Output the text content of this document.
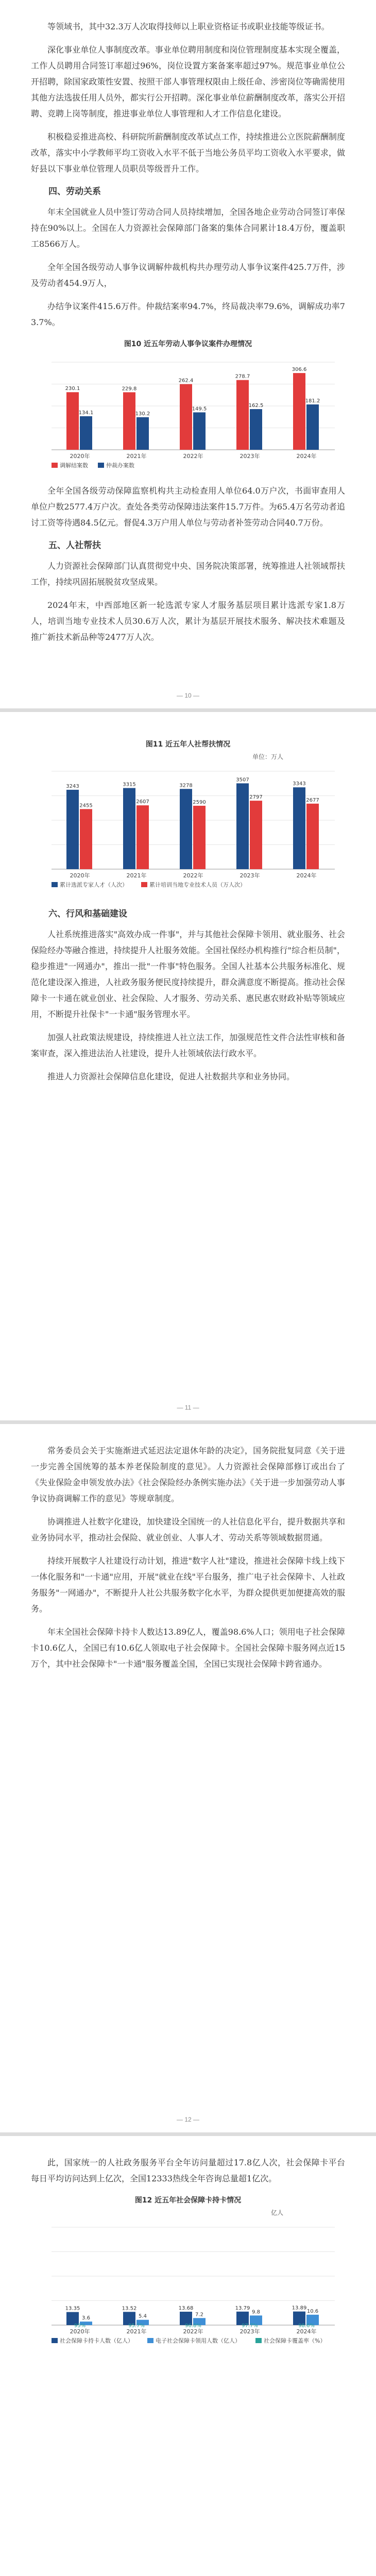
等领域书，其中32.3万人次取得技师以上职业资格证书或职业技能等级证书。

深化事业单位人事制度改革。事业单位聘用制度和岗位管理制度基本实现全覆盖，工作人员聘用合同签订率超过96%，岗位设置方案备案率超过97%。规范事业单位公开招聘，除国家政策性安置、按照干部人事管理权限由上级任命、涉密岗位等确需使用其他方法选拔任用人员外，都实行公开招聘。深化事业单位薪酬制度改革，落实公开招聘、竞聘上岗等制度，推进事业单位人事管理和人才工作信息化建设。

积极稳妥推进高校、科研院所薪酬制度改革试点工作，持续推进公立医院薪酬制度改革，落实中小学教师平均工资收入水平不低于当地公务员平均工资收入水平要求，做好县以下事业单位管理人员职员等级晋升工作。

四、劳动关系

年末全国就业人员中签订劳动合同人员持续增加，全国各地企业劳动合同签订率保持在90%以上。全国在人力资源社会保障部门备案的集体合同累计18.4万份，覆盖职工8566万人。

全年全国各级劳动人事争议调解仲裁机构共办理劳动人事争议案件425.7万件，涉及劳动者454.9万人，

办结争议案件415.6万件。仲裁结案率94.7%，终局裁决率79.6%，调解成功率73.7%。

图10 近五年劳动人事争议案件办理情况
2020年
230.1
134.1
2021年
229.8
130.2
2022年
262.4
149.5
2023年
278.7
162.5
2024年
306.6
181.2
调解结案数	仲裁办案数

全年全国各级劳动保障监察机构共主动检查用人单位64.0万户次，书面审查用人单位户数2577.4万户次。查处各类劳动保障违法案件15.7万件。为65.4万名劳动者追讨工资等待遇84.5亿元。督促4.3万户用人单位与劳动者补签劳动合同40.7万份。

五、人社帮扶

人力资源社会保障部门认真贯彻党中央、国务院决策部署，统筹推进人社领域帮扶工作，持续巩固拓展脱贫攻坚成果。

2024年末，中西部地区新一轮选派专家人才服务基层项目累计选派专家1.8万人，培训当地专业技术人员30.6万人次，累计为基层开展技术服务、解决技术难题及推广新技术新品种等2477万人次。

— 10 —
图11 近五年人社帮扶情况
单位：万人
2020年
3243
2455
2021年
3315
2607
2022年
3278
2590
2023年
3507
2797
2024年
3343
2677
累计选派专家人才（人次）	累计培训当地专业技术人员（万人次）
六、行风和基础建设

人社系统推进落实"高效办成一件事"，并与其他社会保障卡领用、就业服务、社会保险经办等融合推进，持续提升人社服务效能。全国社保经办机构推行"综合柜员制"，稳步推进"一网通办"，推出一批"一件事"特色服务。全国人社基本公共服务标准化、规范化建设深入推进，人社政务服务便民度持续提升，群众满意度不断提高。推动社会保障卡一卡通在就业创业、社会保险、人才服务、劳动关系、惠民惠农财政补贴等领域应用，不断提升社保卡"一卡通"服务管理水平。

加强人社政策法规建设，持续推进人社立法工作，加强规范性文件合法性审核和备案审查，深入推进法治人社建设，提升人社领域依法行政水平。

推进人力资源社会保障信息化建设，促进人社数据共享和业务协同。

— 11 —

常务委员会关于实施渐进式延迟法定退休年龄的决定》，国务院批复同意《关于进一步完善全国统筹的基本养老保险制度的意见》。人力资源社会保障部修订或出台了《失业保险金申领发放办法》《社会保险经办条例实施办法》《关于进一步加强劳动人事争议协商调解工作的意见》等规章制度。

协调推进人社数字化建设，加快建设全国统一的人社信息化平台，提升数据共享和业务协同水平，推动社会保险、就业创业、人事人才、劳动关系等领域数据贯通。

持续开展数字人社建设行动计划，推进"数字人社"建设，推进社会保障卡线上线下一体化服务和"一卡通"应用，开展"就业在线"平台服务，推广电子社会保障卡、人社政务服务"一网通办"，不断提升人社公共服务数字化水平，为群众提供更加便捷高效的服务。

年末全国社会保障卡持卡人数达13.89亿人，覆盖98.6%人口；领用电子社会保障卡10.6亿人，全国已有10.6亿人领取电子社会保障卡。全国社会保障卡服务网点近15万个，其中社会保障卡"一卡通"服务覆盖全国，全国已实现社会保障卡跨省通办。

— 12 —

此，国家统一的人社政务服务平台全年访问量超过17.8亿人次，社会保障卡平台每日平均访问达到上亿次，全国12333热线全年咨询总量超1亿次。

图12 近五年社会保障卡持卡情况
亿人
2020年
13.35
3.6
2021年
13.52
5.4
2022年
13.68
7.2
2023年
13.79
9.8
2024年
13.89
10.6
社会保障卡持卡人数（亿人）	电子社会保障卡领用人数（亿人）	社会保障卡覆盖率（%）
95%	95.7%	96.8%	97.7%	98.6%
